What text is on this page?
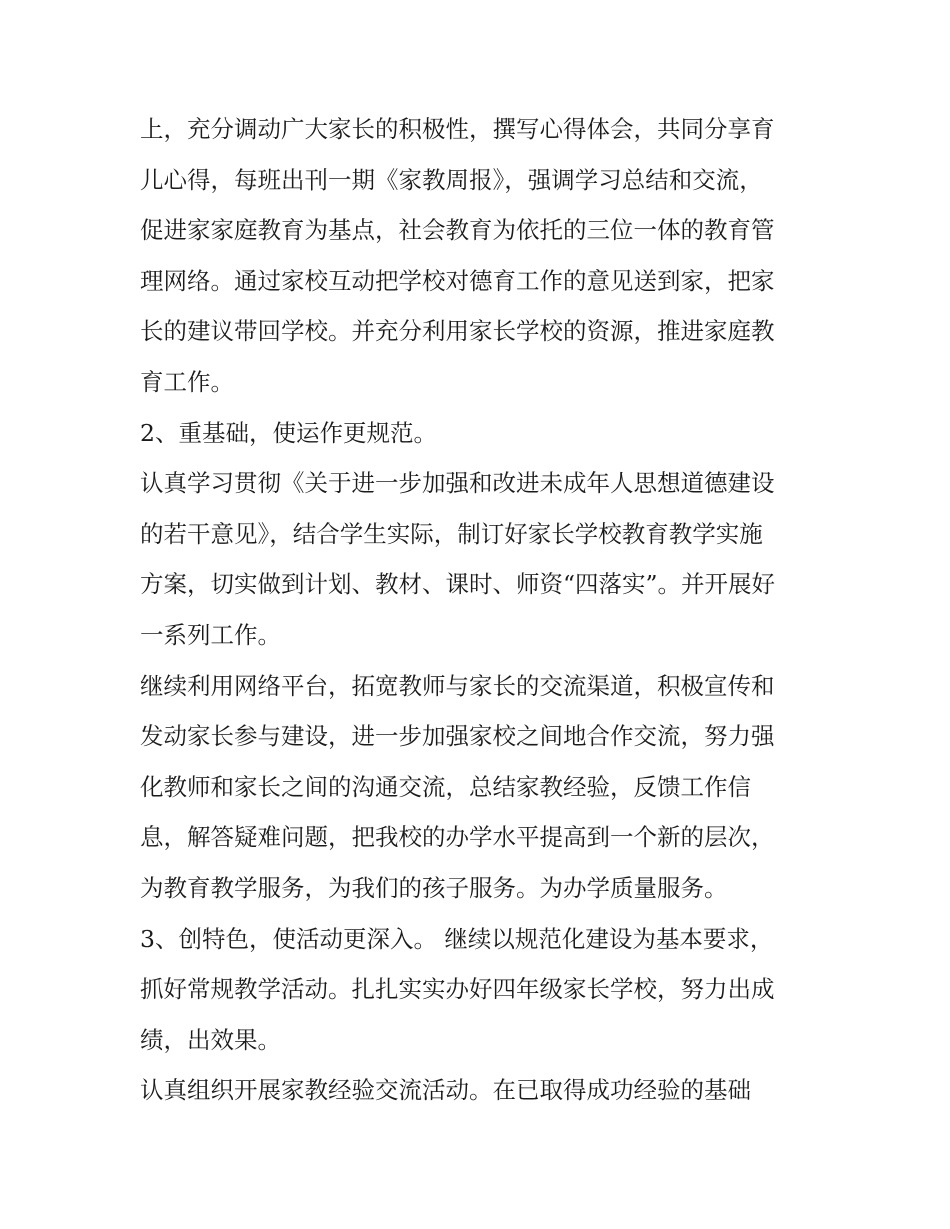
上，充分调动广大家长的积极性，撰写心得体会，共同分享育
儿心得，每班出刊一期《家教周报》，强调学习总结和交流，
促进家家庭教育为基点，社会教育为依托的三位一体的教育管
理网络。通过家校互动把学校对德育工作的意见送到家，把家
长的建议带回学校。并充分利用家长学校的资源，推进家庭教
育工作。
2、重基础，使运作更规范。
认真学习贯彻《关于进一步加强和改进未成年人思想道德建设
的若干意见》，结合学生实际，制订好家长学校教育教学实施
方案，切实做到计划、教材、课时、师资“四落实”。并开展好
一系列工作。
继续利用网络平台，拓宽教师与家长的交流渠道，积极宣传和
发动家长参与建设，进一步加强家校之间地合作交流，努力强
化教师和家长之间的沟通交流，总结家教经验，反馈工作信
息，解答疑难问题，把我校的办学水平提高到一个新的层次，
为教育教学服务，为我们的孩子服务。为办学质量服务。
3、创特色，使活动更深入。 继续以规范化建设为基本要求，
抓好常规教学活动。扎扎实实办好四年级家长学校，努力出成
绩，出效果。
认真组织开展家教经验交流活动。在已取得成功经验的基础
